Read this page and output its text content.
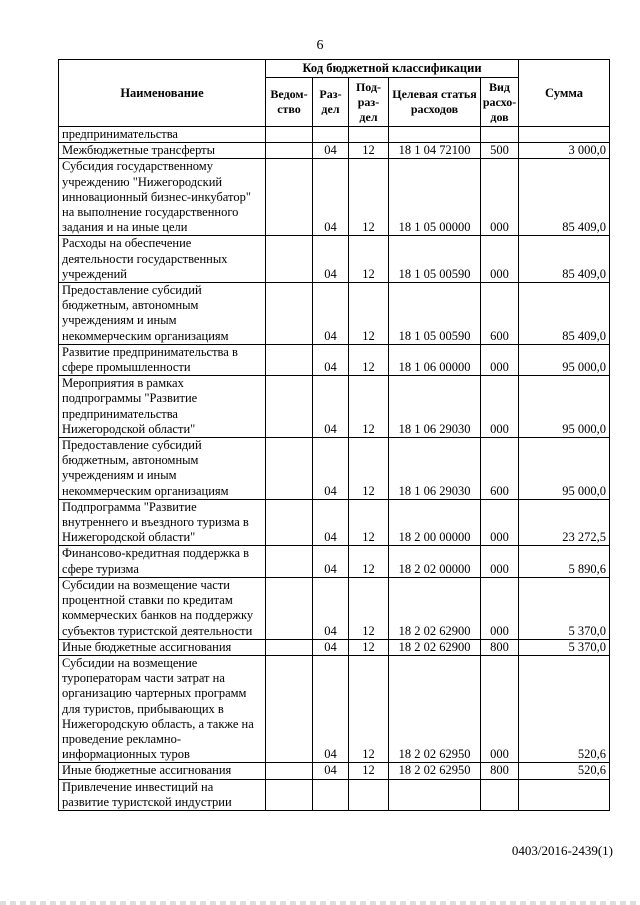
6
Наименование	Код бюджетной классификации					Сумма
	Ведом-ство	Раз-дел	Под-раз-дел	Целевая статья расходов	Вид расхо-дов	
предпринимательства						
Межбюджетные трансферты		04	12	18 1 04 72100	500	3 000,0
Субсидия государственному учреждению "Нижегородский инновационный бизнес-инкубатор" на выполнение государственного задания и на иные цели		04	12	18 1 05 00000	000	85 409,0
Расходы на обеспечение деятельности государственных учреждений		04	12	18 1 05 00590	000	85 409,0
Предоставление субсидий бюджетным, автономным учреждениям и иным некоммерческим организациям		04	12	18 1 05 00590	600	85 409,0
Развитие предпринимательства в сфере промышленности		04	12	18 1 06 00000	000	95 000,0
Мероприятия в рамках подпрограммы "Развитие предпринимательства Нижегородской области"		04	12	18 1 06 29030	000	95 000,0
Предоставление субсидий бюджетным, автономным учреждениям и иным некоммерческим организациям		04	12	18 1 06 29030	600	95 000,0
Подпрограмма "Развитие внутреннего и въездного туризма в Нижегородской области"		04	12	18 2 00 00000	000	23 272,5
Финансово-кредитная поддержка в сфере туризма		04	12	18 2 02 00000	000	5 890,6
Субсидии на возмещение части процентной ставки по кредитам коммерческих банков на поддержку субъектов туристской деятельности		04	12	18 2 02 62900	000	5 370,0
Иные бюджетные ассигнования		04	12	18 2 02 62900	800	5 370,0
Субсидии на возмещение туроператорам части затрат на организацию чартерных программ для туристов, прибывающих в Нижегородскую область, а также на проведение рекламно-информационных туров		04	12	18 2 02 62950	000	520,6
Иные бюджетные ассигнования		04	12	18 2 02 62950	800	520,6
Привлечение инвестиций на развитие туристской индустрии						
0403/2016-2439(1)
